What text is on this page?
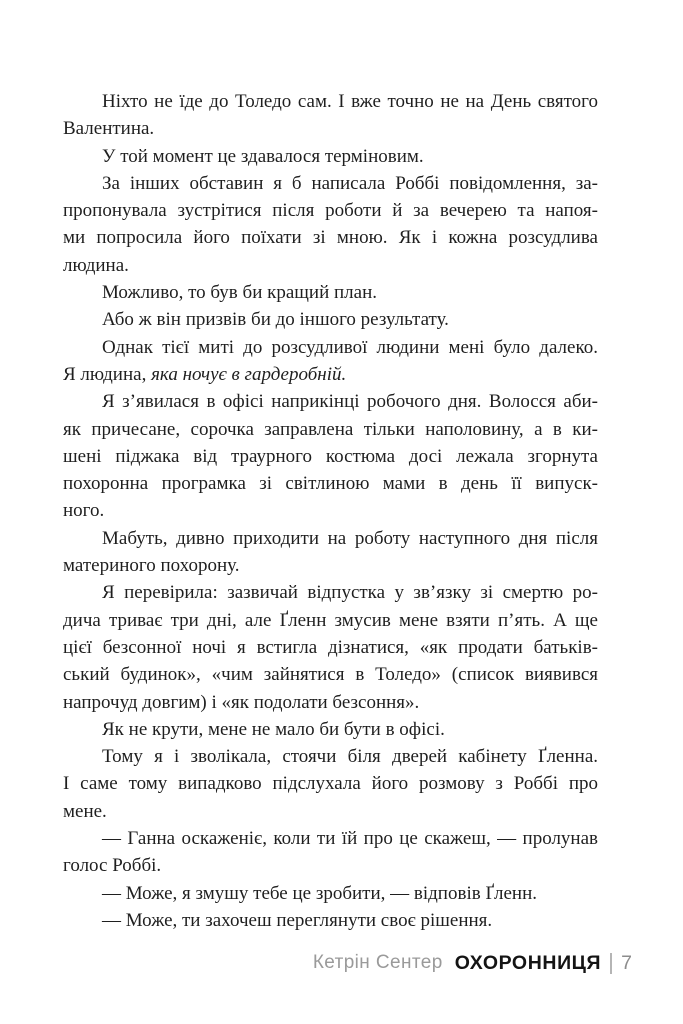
Ніхто не їде до Толедо сам. І вже точно не на День святого
Валентина.
У той момент це здавалося терміновим.
За інших обставин я б написала Роббі повідомлення, за-
пропонувала зустрітися після роботи й за вечерею та напоя-
ми попросила його поїхати зі мною. Як і кожна розсудлива
людина.
Можливо, то був би кращий план.
Або ж він призвів би до іншого результату.
Однак тієї миті до розсудливої людини мені було далеко.
Я людина, яка ночує в гардеробній.
Я з’явилася в офісі наприкінці робочого дня. Волосся аби-
як причесане, сорочка заправлена тільки наполовину, а в ки-
шені піджака від траурного костюма досі лежала згорнута
похоронна програмка зі світлиною мами в день її випуск-
ного.
Мабуть, дивно приходити на роботу наступного дня після
материного похорону.
Я перевірила: зазвичай відпустка у зв’язку зі смертю ро-
дича триває три дні, але Ґленн змусив мене взяти п’ять. А ще
цієї безсонної ночі я встигла дізнатися, «як продати батьків-
ський будинок», «чим зайнятися в Толедо» (список виявився
напрочуд довгим) і «як подолати безсоння».
Як не крути, мене не мало би бути в офісі.
Тому я і зволікала, стоячи біля дверей кабінету Ґленна.
І саме тому випадково підслухала його розмову з Роббі про
мене.
— Ганна оскаженіє, коли ти їй про це скажеш, — пролунав
голос Роббі.
— Може, я змушу тебе це зробити, — відповів Ґленн.
— Може, ти захочеш переглянути своє рішення.
Кетрін Сентер ОХОРОННИЦЯ 7
